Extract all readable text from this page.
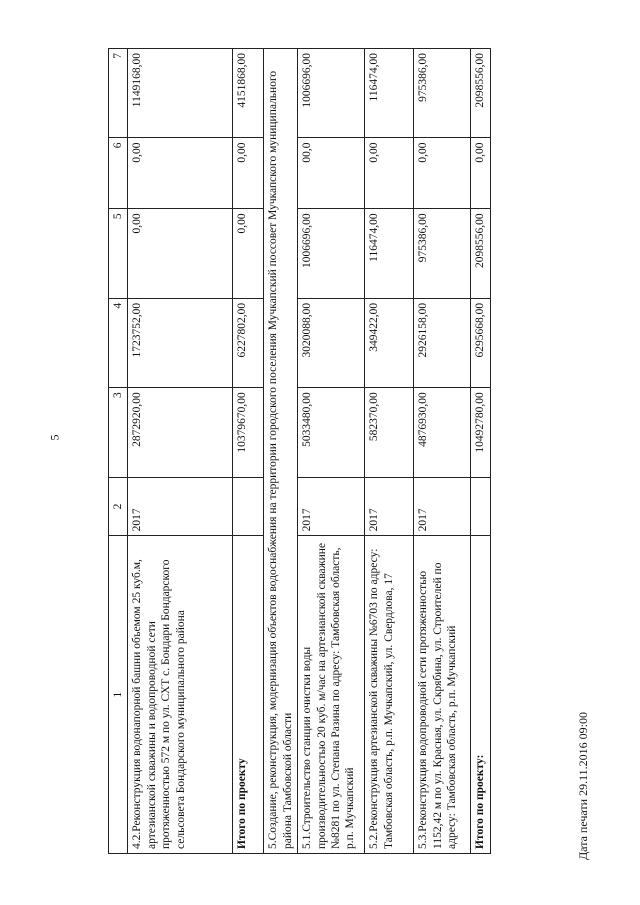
5
Дата печати 29.11.2016 09:00
1	2	3	4	5	6	7
4.2.Реконструкция водонапорной башни объемом 25 куб.м, артезианской скважины и водопроводной сети протяженностью 572 м по ул. СХТ с. Бондари Бондарского сельсовета Бондарского муниципального района	2017	2872920,00	1723752,00	0,00	0,00	1149168,00
Итого по проекту		10379670,00	6227802,00	0,00	0,00	4151868,00
5.Создание, реконструкция, модернизация объектов водоснабжения на территории городского поселения Мучкапский поссовет Мучкапского муниципального района Тамбовской области						
5.1.Строительство станции очистки воды производительностью 20 куб. м/час на артезианской скважине №8281 по ул. Степана Разина по адресу: Тамбовская область, р.п. Мучкапский	2017	5033480,00	3020088,00	1006696,00	00,0	1006696,00
5.2.Реконструкция артезианской скважины №6703 по адресу: Тамбовская область, р.п. Мучкапский, ул. Свердлова, 17	2017	582370,00	349422,00	116474,00	0,00	116474,00
5.3.Реконструкция водопроводной сети протяженностью 1152,42 м по ул. Красная, ул. Скрябина, ул. Строителей по адресу: Тамбовская область, р.п. Мучкапский	2017	4876930,00	2926158,00	975386,00	0,00	975386,00
Итого по проекту:		10492780,00	6295668,00	2098556,00	0,00	2098556,00
